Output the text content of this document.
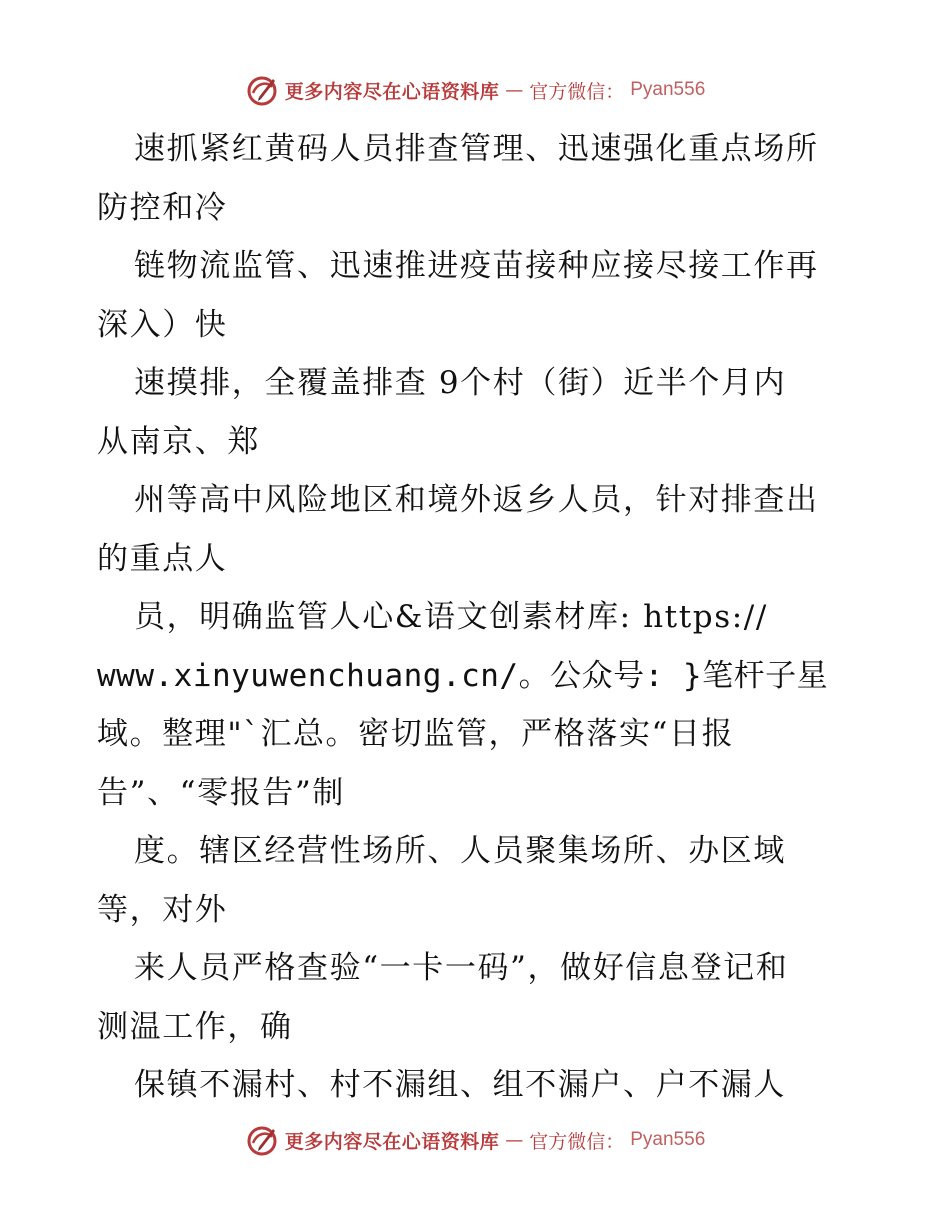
更多内容尽在心语资料库 — 官方微信： Pyan556
速抓紧红黄码人员排查管理、迅速强化重点场所
防控和冷
链物流监管、迅速推进疫苗接种应接尽接工作再
深入）快
速摸排，全覆盖排查 9个村（街）近半个月内
从南京、郑
州等高中风险地区和境外返乡人员，针对排查出
的重点人
员，明确监管人心&语文创素材库: https://
www.xinyuwenchuang.cn/。公众号: }笔杆子星
域。整理"`汇总。密切监管，严格落实“日报
告”、“零报告”制
度。辖区经营性场所、人员聚集场所、办区域
等，对外
来人员严格查验“一卡一码”，做好信息登记和
测温工作，确
保镇不漏村、村不漏组、组不漏户、户不漏人
更多内容尽在心语资料库 — 官方微信： Pyan556
